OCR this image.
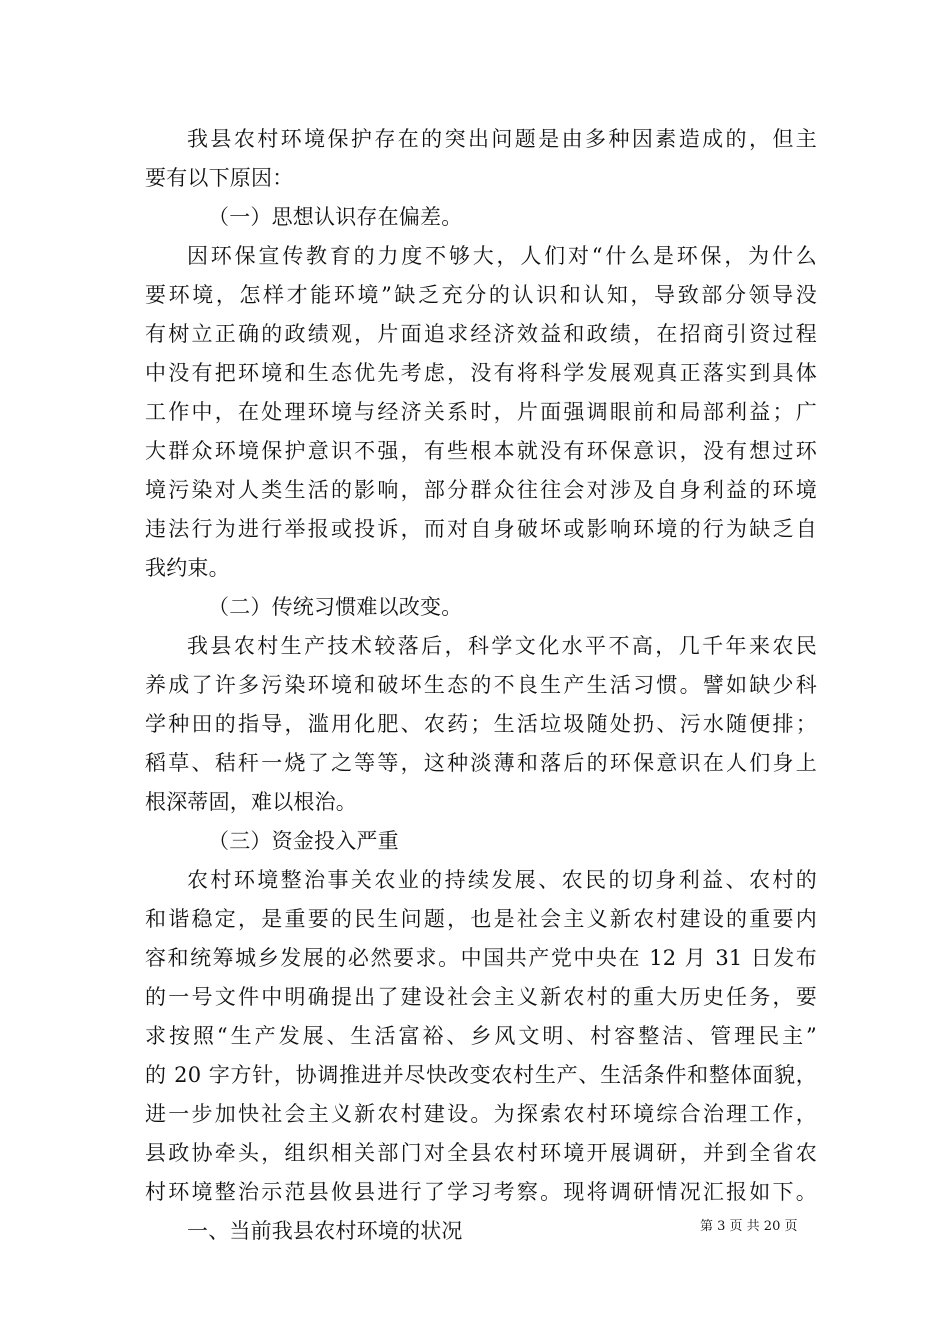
我县农村环境保护存在的突出问题是由多种因素造成的，但主
要有以下原因：
（一）思想认识存在偏差。
因环保宣传教育的力度不够大，人们对“什么是环保，为什么
要环境，怎样才能环境”缺乏充分的认识和认知，导致部分领导没
有树立正确的政绩观，片面追求经济效益和政绩，在招商引资过程
中没有把环境和生态优先考虑，没有将科学发展观真正落实到具体
工作中，在处理环境与经济关系时，片面强调眼前和局部利益；广
大群众环境保护意识不强，有些根本就没有环保意识，没有想过环
境污染对人类生活的影响，部分群众往往会对涉及自身利益的环境
违法行为进行举报或投诉，而对自身破坏或影响环境的行为缺乏自
我约束。
（二）传统习惯难以改变。
我县农村生产技术较落后，科学文化水平不高，几千年来农民
养成了许多污染环境和破坏生态的不良生产生活习惯。譬如缺少科
学种田的指导，滥用化肥、农药；生活垃圾随处扔、污水随便排；
稻草、秸秆一烧了之等等，这种淡薄和落后的环保意识在人们身上
根深蒂固，难以根治。
（三）资金投入严重
农村环境整治事关农业的持续发展、农民的切身利益、农村的
和谐稳定，是重要的民生问题，也是社会主义新农村建设的重要内
容和统筹城乡发展的必然要求。中国共产党中央在 12 月 31 日发布
的一号文件中明确提出了建设社会主义新农村的重大历史任务，要
求按照“生产发展、生活富裕、乡风文明、村容整洁、管理民主”
的 20 字方针，协调推进并尽快改变农村生产、生活条件和整体面貌，
进一步加快社会主义新农村建设。为探索农村环境综合治理工作，
县政协牵头，组织相关部门对全县农村环境开展调研，并到全省农
村环境整治示范县攸县进行了学习考察。现将调研情况汇报如下。
一、当前我县农村环境的状况	第 3 页 共 20 页
